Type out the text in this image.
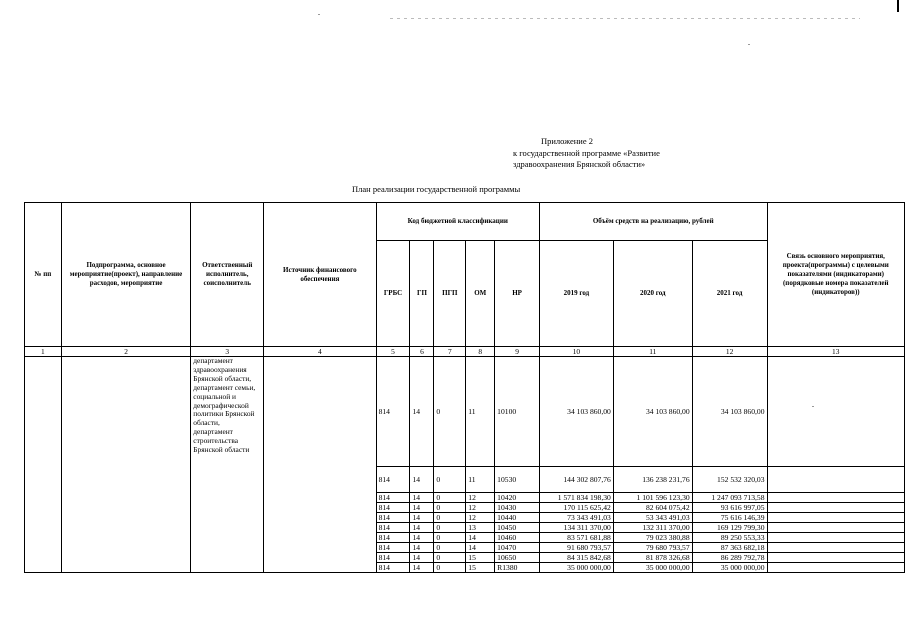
Приложение 2
к государственной программе «Развитие
здравоохранения Брянской области»
План реализации государственной программы
№ пп	Подпрограмма, основное мероприятие(проект), направление расходов, мероприятие	Ответственный исполнитель, соисполнитель	Источник финансового обеспечения	Код бюджетной классификации					Объём средств на реализацию, рублей			Связь основного мероприятия, проекта(программы) с целевыми показателями (индикаторами) (порядковые номера показателей (индикаторов))
				ГРБС	ГП	ПГП	ОМ	НР	2019 год	2020 год	2021 год	
1	2	3	4	5	6	7	8	9	10	11	12	13
		департамент здравоохранения Брянской области, департамент семьи, социальной и демографической политики Брянской области, департамент строительства Брянской области		814	14	0	11	10100	34 103 860,00	34 103 860,00	34 103 860,00	
				814	14	0	11	10530	144 302 807,76	136 238 231,76	152 532 320,03	
				814	14	0	12	10420	1 571 834 198,30	1 101 596 123,30	1 247 093 713,58	
				814	14	0	12	10430	170 115 625,42	82 604 075,42	93 616 997,05	
				814	14	0	12	10440	73 343 491,03	53 343 491,03	75 616 146,39	
				814	14	0	13	10450	134 311 370,00	132 311 370,00	169 129 799,30	
				814	14	0	14	10460	83 571 681,88	79 023 380,88	89 250 553,33	
				814	14	0	14	10470	91 680 793,57	79 680 793,57	87 363 682,18	
				814	14	0	15	10650	84 315 842,68	81 878 326,68	86 289 792,78	
				814	14	0	15	R1380	35 000 000,00	35 000 000,00	35 000 000,00	
